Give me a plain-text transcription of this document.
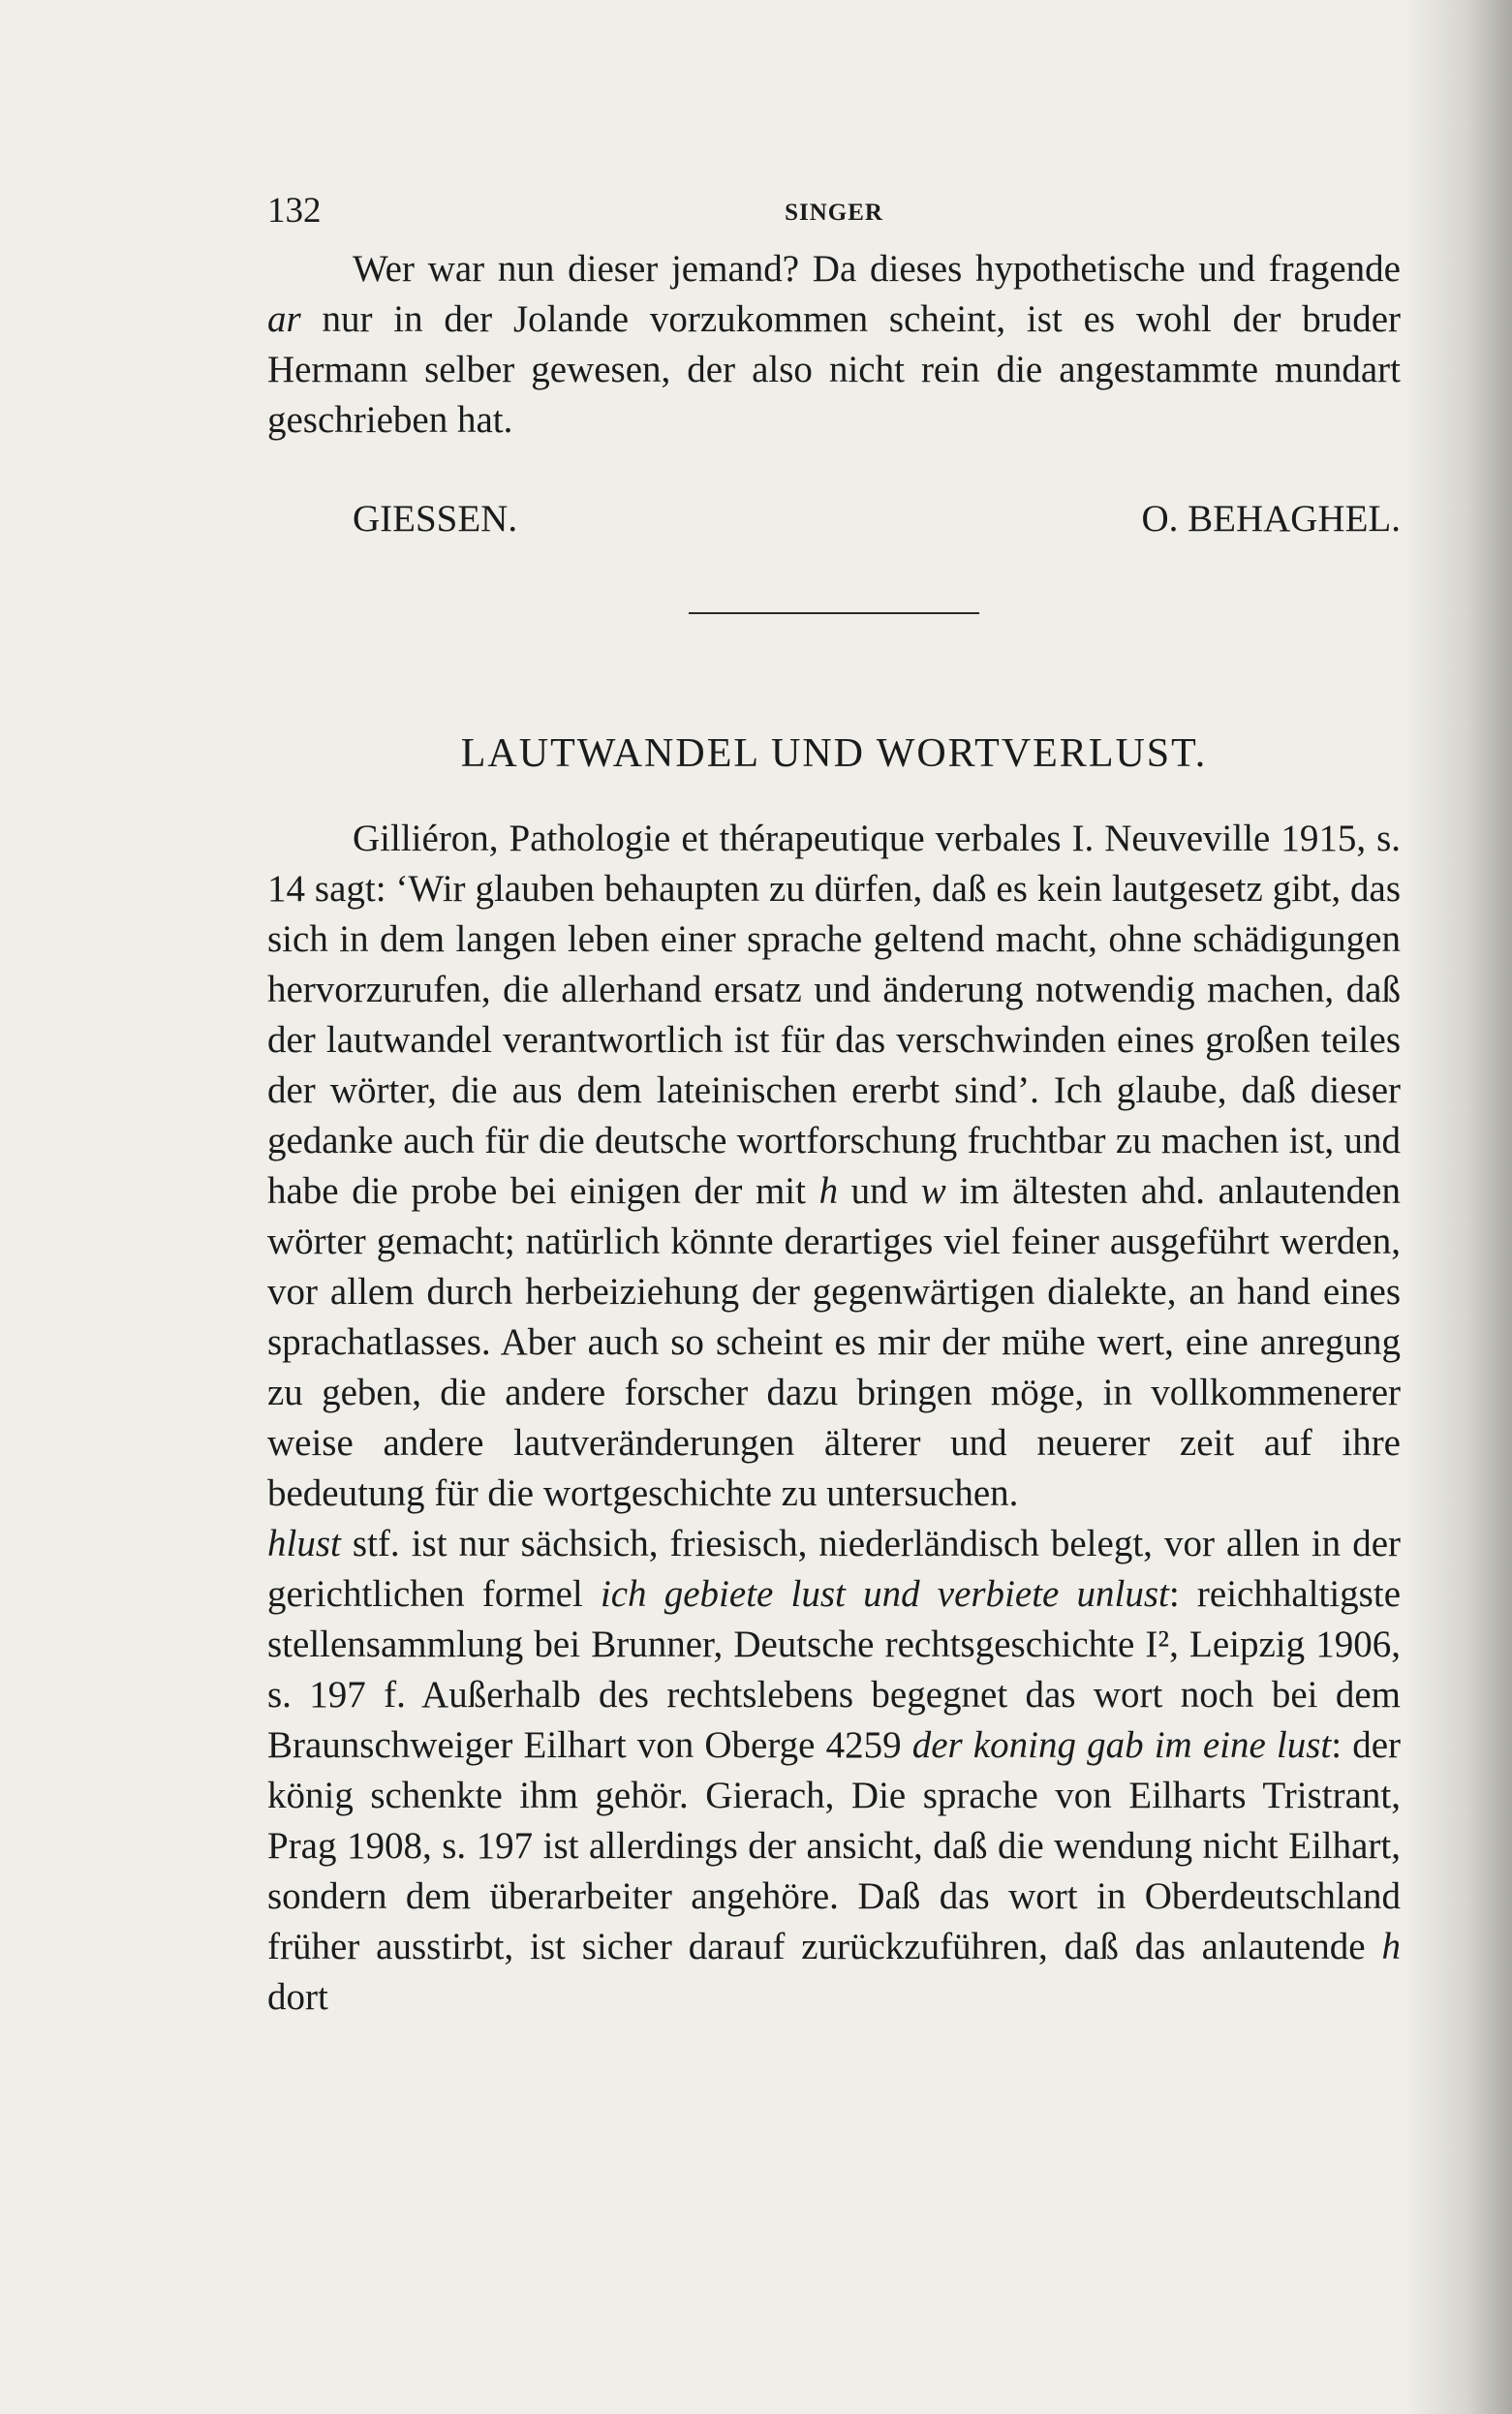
132	SINGER

Wer war nun dieser jemand? Da dieses hypothetische und fragende ar nur in der Jolande vorzukommen scheint, ist es wohl der bruder Hermann selber gewesen, der also nicht rein die angestammte mundart geschrieben hat.

GIESSEN.	O. BEHAGHEL.
LAUTWANDEL UND WORTVERLUST.

Gilliéron, Pathologie et thérapeutique verbales I. Neuveville 1915, s. 14 sagt: ‘Wir glauben behaupten zu dürfen, daß es kein lautgesetz gibt, das sich in dem langen leben einer sprache geltend macht, ohne schädigungen hervorzurufen, die allerhand ersatz und änderung notwendig machen, daß der lautwandel verantwortlich ist für das verschwinden eines großen teiles der wörter, die aus dem lateinischen ererbt sind’. Ich glaube, daß dieser gedanke auch für die deutsche wortforschung fruchtbar zu machen ist, und habe die probe bei einigen der mit h und w im ältesten ahd. anlautenden wörter gemacht; natürlich könnte derartiges viel feiner ausgeführt werden, vor allem durch herbeiziehung der gegenwärtigen dialekte, an hand eines sprachatlasses. Aber auch so scheint es mir der mühe wert, eine anregung zu geben, die andere forscher dazu bringen möge, in vollkommenerer weise andere lautveränderungen älterer und neuerer zeit auf ihre bedeutung für die wortgeschichte zu untersuchen.

hlust stf. ist nur sächsich, friesisch, niederländisch belegt, vor allen in der gerichtlichen formel ich gebiete lust und verbiete unlust: reichhaltigste stellensammlung bei Brunner, Deutsche rechtsgeschichte I², Leipzig 1906, s. 197 f. Außerhalb des rechtslebens begegnet das wort noch bei dem Braunschweiger Eilhart von Oberge 4259 der koning gab im eine lust: der könig schenkte ihm gehör. Gierach, Die sprache von Eilharts Tristrant, Prag 1908, s. 197 ist allerdings der ansicht, daß die wendung nicht Eilhart, sondern dem überarbeiter angehöre. Daß das wort in Oberdeutschland früher ausstirbt, ist sicher darauf zurückzuführen, daß das anlautende h dort
